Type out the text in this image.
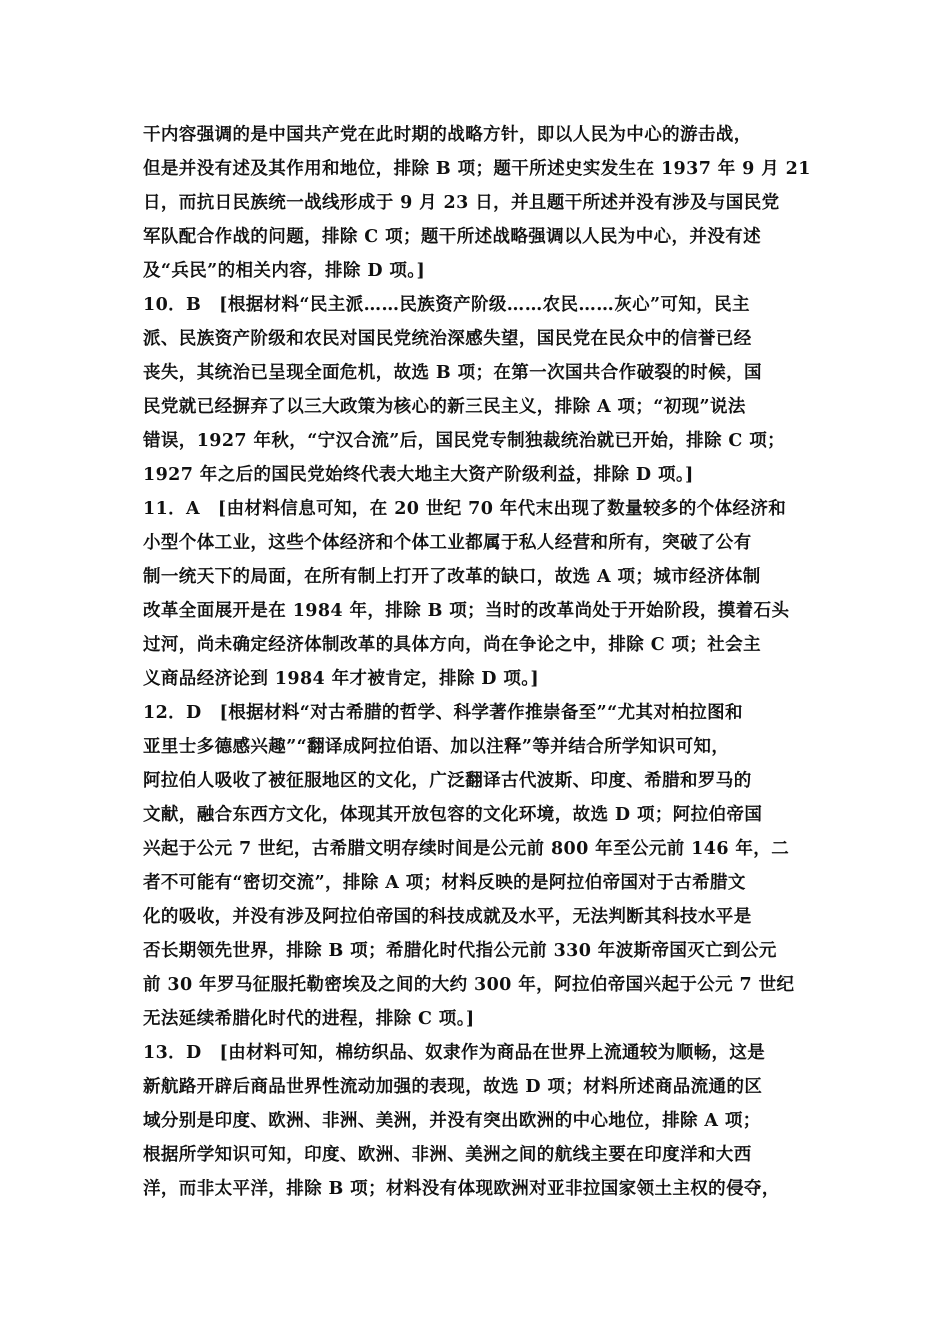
干内容强调的是中国共产党在此时期的战略方针，即以人民为中心的游击战，
但是并没有述及其作用和地位，排除 B 项；题干所述史实发生在 1937 年 9 月 21
日，而抗日民族统一战线形成于 9 月 23 日，并且题干所述并没有涉及与国民党
军队配合作战的问题，排除 C 项；题干所述战略强调以人民为中心，并没有述
及“兵民”的相关内容，排除 D 项。]
10．B　[根据材料“民主派……民族资产阶级……农民……灰心”可知，民主
派、民族资产阶级和农民对国民党统治深感失望，国民党在民众中的信誉已经
丧失，其统治已呈现全面危机，故选 B 项；在第一次国共合作破裂的时候，国
民党就已经摒弃了以三大政策为核心的新三民主义，排除 A 项；“初现”说法
错误，1927 年秋，“宁汉合流”后，国民党专制独裁统治就已开始，排除 C 项；
1927 年之后的国民党始终代表大地主大资产阶级利益，排除 D 项。]
11．A　[由材料信息可知，在 20 世纪 70 年代末出现了数量较多的个体经济和
小型个体工业，这些个体经济和个体工业都属于私人经营和所有，突破了公有
制一统天下的局面，在所有制上打开了改革的缺口，故选 A 项；城市经济体制
改革全面展开是在 1984 年，排除 B 项；当时的改革尚处于开始阶段，摸着石头
过河，尚未确定经济体制改革的具体方向，尚在争论之中，排除 C 项；社会主
义商品经济论到 1984 年才被肯定，排除 D 项。]
12．D　[根据材料“对古希腊的哲学、科学著作推崇备至”“尤其对柏拉图和
亚里士多德感兴趣”“翻译成阿拉伯语、加以注释”等并结合所学知识可知，
阿拉伯人吸收了被征服地区的文化，广泛翻译古代波斯、印度、希腊和罗马的
文献，融合东西方文化，体现其开放包容的文化环境，故选 D 项；阿拉伯帝国
兴起于公元 7 世纪，古希腊文明存续时间是公元前 800 年至公元前 146 年，二
者不可能有“密切交流”，排除 A 项；材料反映的是阿拉伯帝国对于古希腊文
化的吸收，并没有涉及阿拉伯帝国的科技成就及水平，无法判断其科技水平是
否长期领先世界，排除 B 项；希腊化时代指公元前 330 年波斯帝国灭亡到公元
前 30 年罗马征服托勒密埃及之间的大约 300 年，阿拉伯帝国兴起于公元 7 世纪
无法延续希腊化时代的进程，排除 C 项。]
13．D　[由材料可知，棉纺织品、奴隶作为商品在世界上流通较为顺畅，这是
新航路开辟后商品世界性流动加强的表现，故选 D 项；材料所述商品流通的区
域分别是印度、欧洲、非洲、美洲，并没有突出欧洲的中心地位，排除 A 项；
根据所学知识可知，印度、欧洲、非洲、美洲之间的航线主要在印度洋和大西
洋，而非太平洋，排除 B 项；材料没有体现欧洲对亚非拉国家领土主权的侵夺，
